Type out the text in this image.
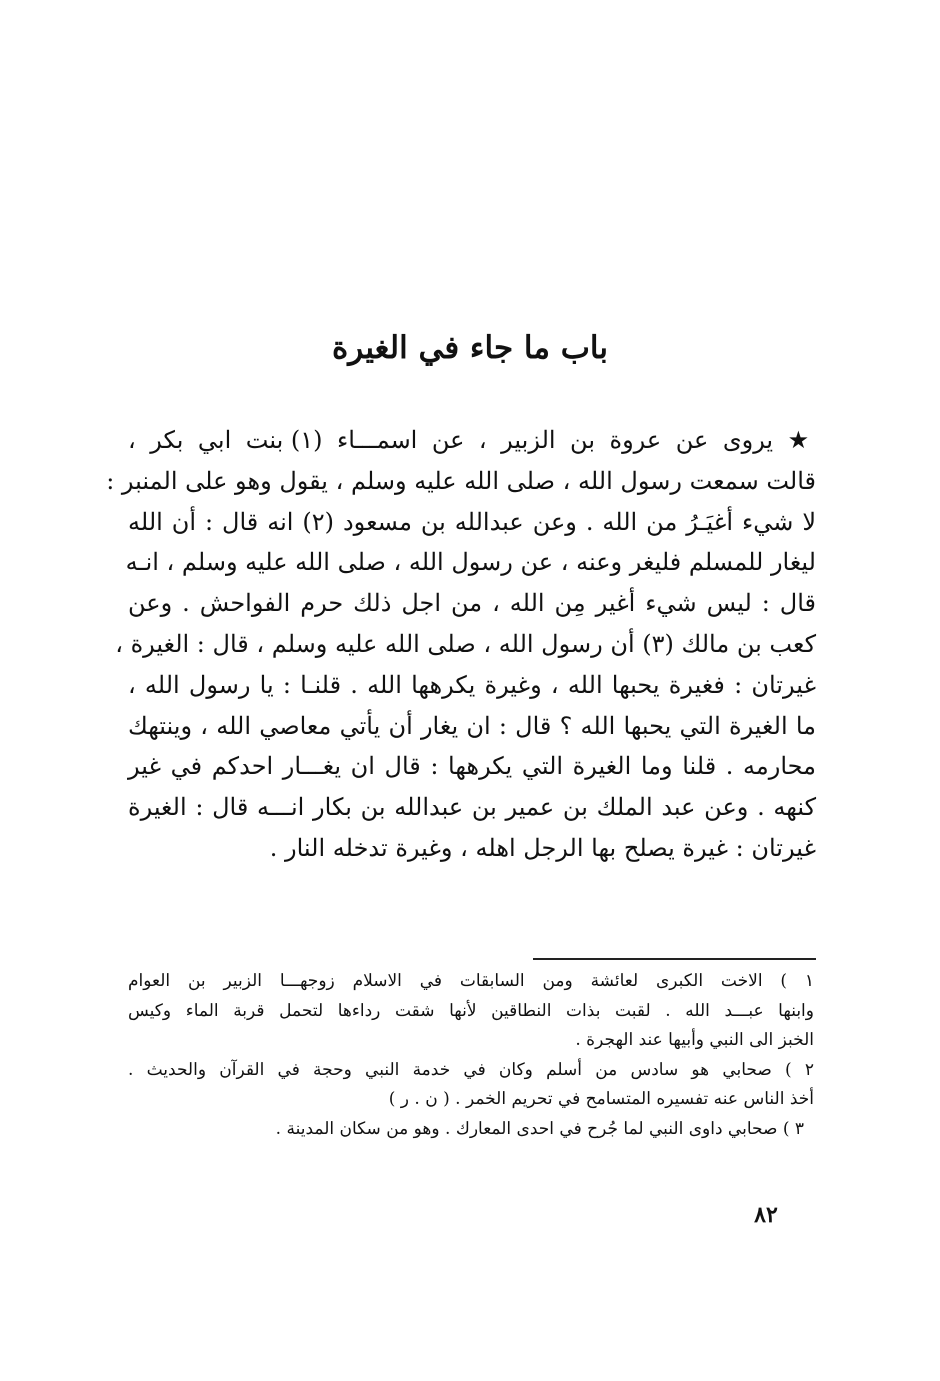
باب ما جاء في الغيرة
★ يروى عن عروة بن الزبير ، عن اسمـــاء (١) بنت ابي بكر ،
قالت سمعت رسول الله ، صلى الله عليه وسلم ، يقول وهو على المنبر :
لا شيء أغيَـرُ من الله . وعن عبدالله بن مسعود (٢) انه قال : أن الله
ليغار للمسلم فليغر وعنه ، عن رسول الله ، صلى الله عليه وسلم ، انـه
قال : ليس شيء أغير مِن الله ، من اجل ذلك حرم الفواحش . وعن
كعب بن مالك (٣) أن رسول الله ، صلى الله عليه وسلم ، قال : الغيرة ،
غيرتان : فغيرة يحبها الله ، وغيرة يكرهها الله . قلنـا : يا رسول الله ،
ما الغيرة التي يحبها الله ؟ قال : ان يغار أن يأتي معاصي الله ، وينتهك
محارمه . قلنا وما الغيرة التي يكرهها : قال ان يغـــار احدكم في غير
كنهه . وعن عبد الملك بن عمير بن عبدالله بن بكار انـــه قال : الغيرة
غيرتان : غيرة يصلح بها الرجل اهله ، وغيرة تدخله النار .
١ ) الاخت الكبرى لعائشة ومن السابقات في الاسلام زوجهـــا الزبير بن العوام
وابنها عبـــد الله . لقبت بذات النطاقين لأنها شقت رداءها لتحمل قربة الماء وكيس
الخبز الى النبي وأبيها عند الهجرة .
٢ ) صحابي هو سادس من أسلم وكان في خدمة النبي وحجة في القرآن والحديث .
أخذ الناس عنه تفسيره المتسامح في تحريم الخمر . ( ن . ر )
٣ ) صحابي داوى النبي لما جُرح في احدى المعارك . وهو من سكان المدينة .
٨٢
